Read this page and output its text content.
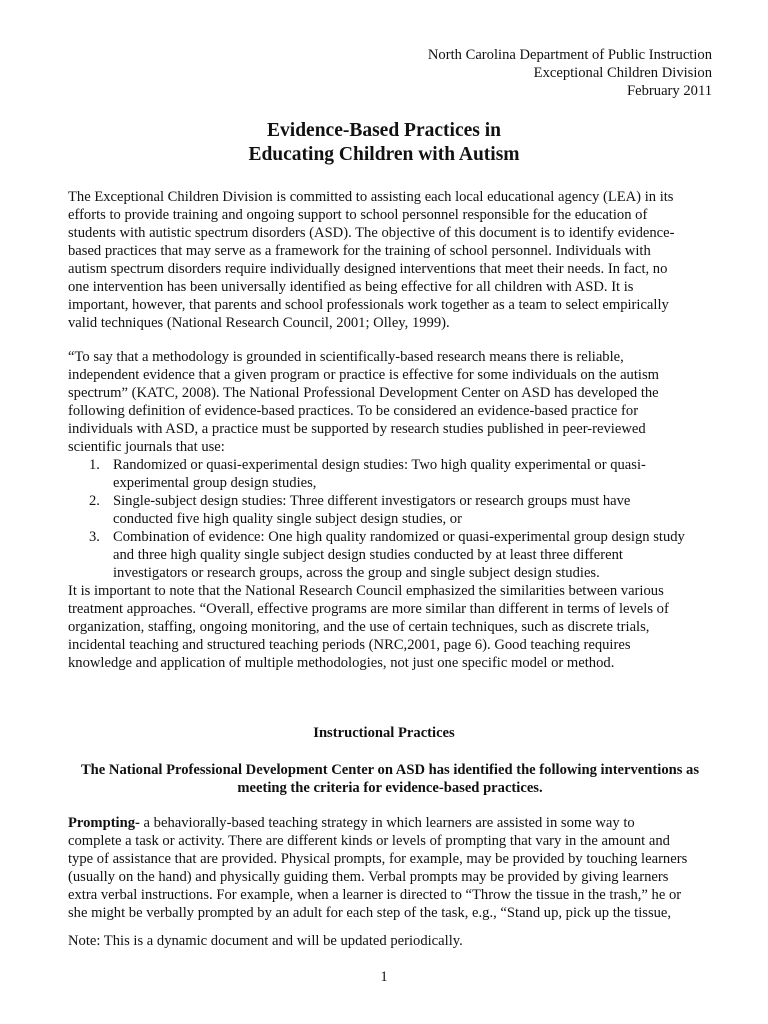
North Carolina Department of Public Instruction
Exceptional Children Division
February 2011
Evidence-Based Practices in
Educating Children with Autism
The Exceptional Children Division is committed to assisting each local educational agency (LEA) in its
efforts to provide training and ongoing support to school personnel responsible for the education of
students with autistic spectrum disorders (ASD). The objective of this document is to identify evidence-
based practices that may serve as a framework for the training of school personnel. Individuals with
autism spectrum disorders require individually designed interventions that meet their needs. In fact, no
one intervention has been universally identified as being effective for all children with ASD. It is
important, however, that parents and school professionals work together as a team to select empirically
valid techniques (National Research Council, 2001; Olley, 1999).
“To say that a methodology is grounded in scientifically-based research means there is reliable,
independent evidence that a given program or practice is effective for some individuals on the autism
spectrum” (KATC, 2008). The National Professional Development Center on ASD has developed the
following definition of evidence-based practices. To be considered an evidence-based practice for
individuals with ASD, a practice must be supported by research studies published in peer-reviewed
scientific journals that use:
1. Randomized or quasi-experimental design studies: Two high quality experimental or quasi-
experimental group design studies,
2. Single-subject design studies: Three different investigators or research groups must have
conducted five high quality single subject design studies, or
3. Combination of evidence: One high quality randomized or quasi-experimental group design study
and three high quality single subject design studies conducted by at least three different
investigators or research groups, across the group and single subject design studies.
It is important to note that the National Research Council emphasized the similarities between various
treatment approaches. “Overall, effective programs are more similar than different in terms of levels of
organization, staffing, ongoing monitoring, and the use of certain techniques, such as discrete trials,
incidental teaching and structured teaching periods (NRC,2001, page 6). Good teaching requires
knowledge and application of multiple methodologies, not just one specific model or method.
Instructional Practices
The National Professional Development Center on ASD has identified the following interventions as
meeting the criteria for evidence-based practices.
Prompting- a behaviorally-based teaching strategy in which learners are assisted in some way to
complete a task or activity. There are different kinds or levels of prompting that vary in the amount and
type of assistance that are provided. Physical prompts, for example, may be provided by touching learners
(usually on the hand) and physically guiding them. Verbal prompts may be provided by giving learners
extra verbal instructions. For example, when a learner is directed to “Throw the tissue in the trash,” he or
she might be verbally prompted by an adult for each step of the task, e.g., “Stand up, pick up the tissue,
Note: This is a dynamic document and will be updated periodically.
1
